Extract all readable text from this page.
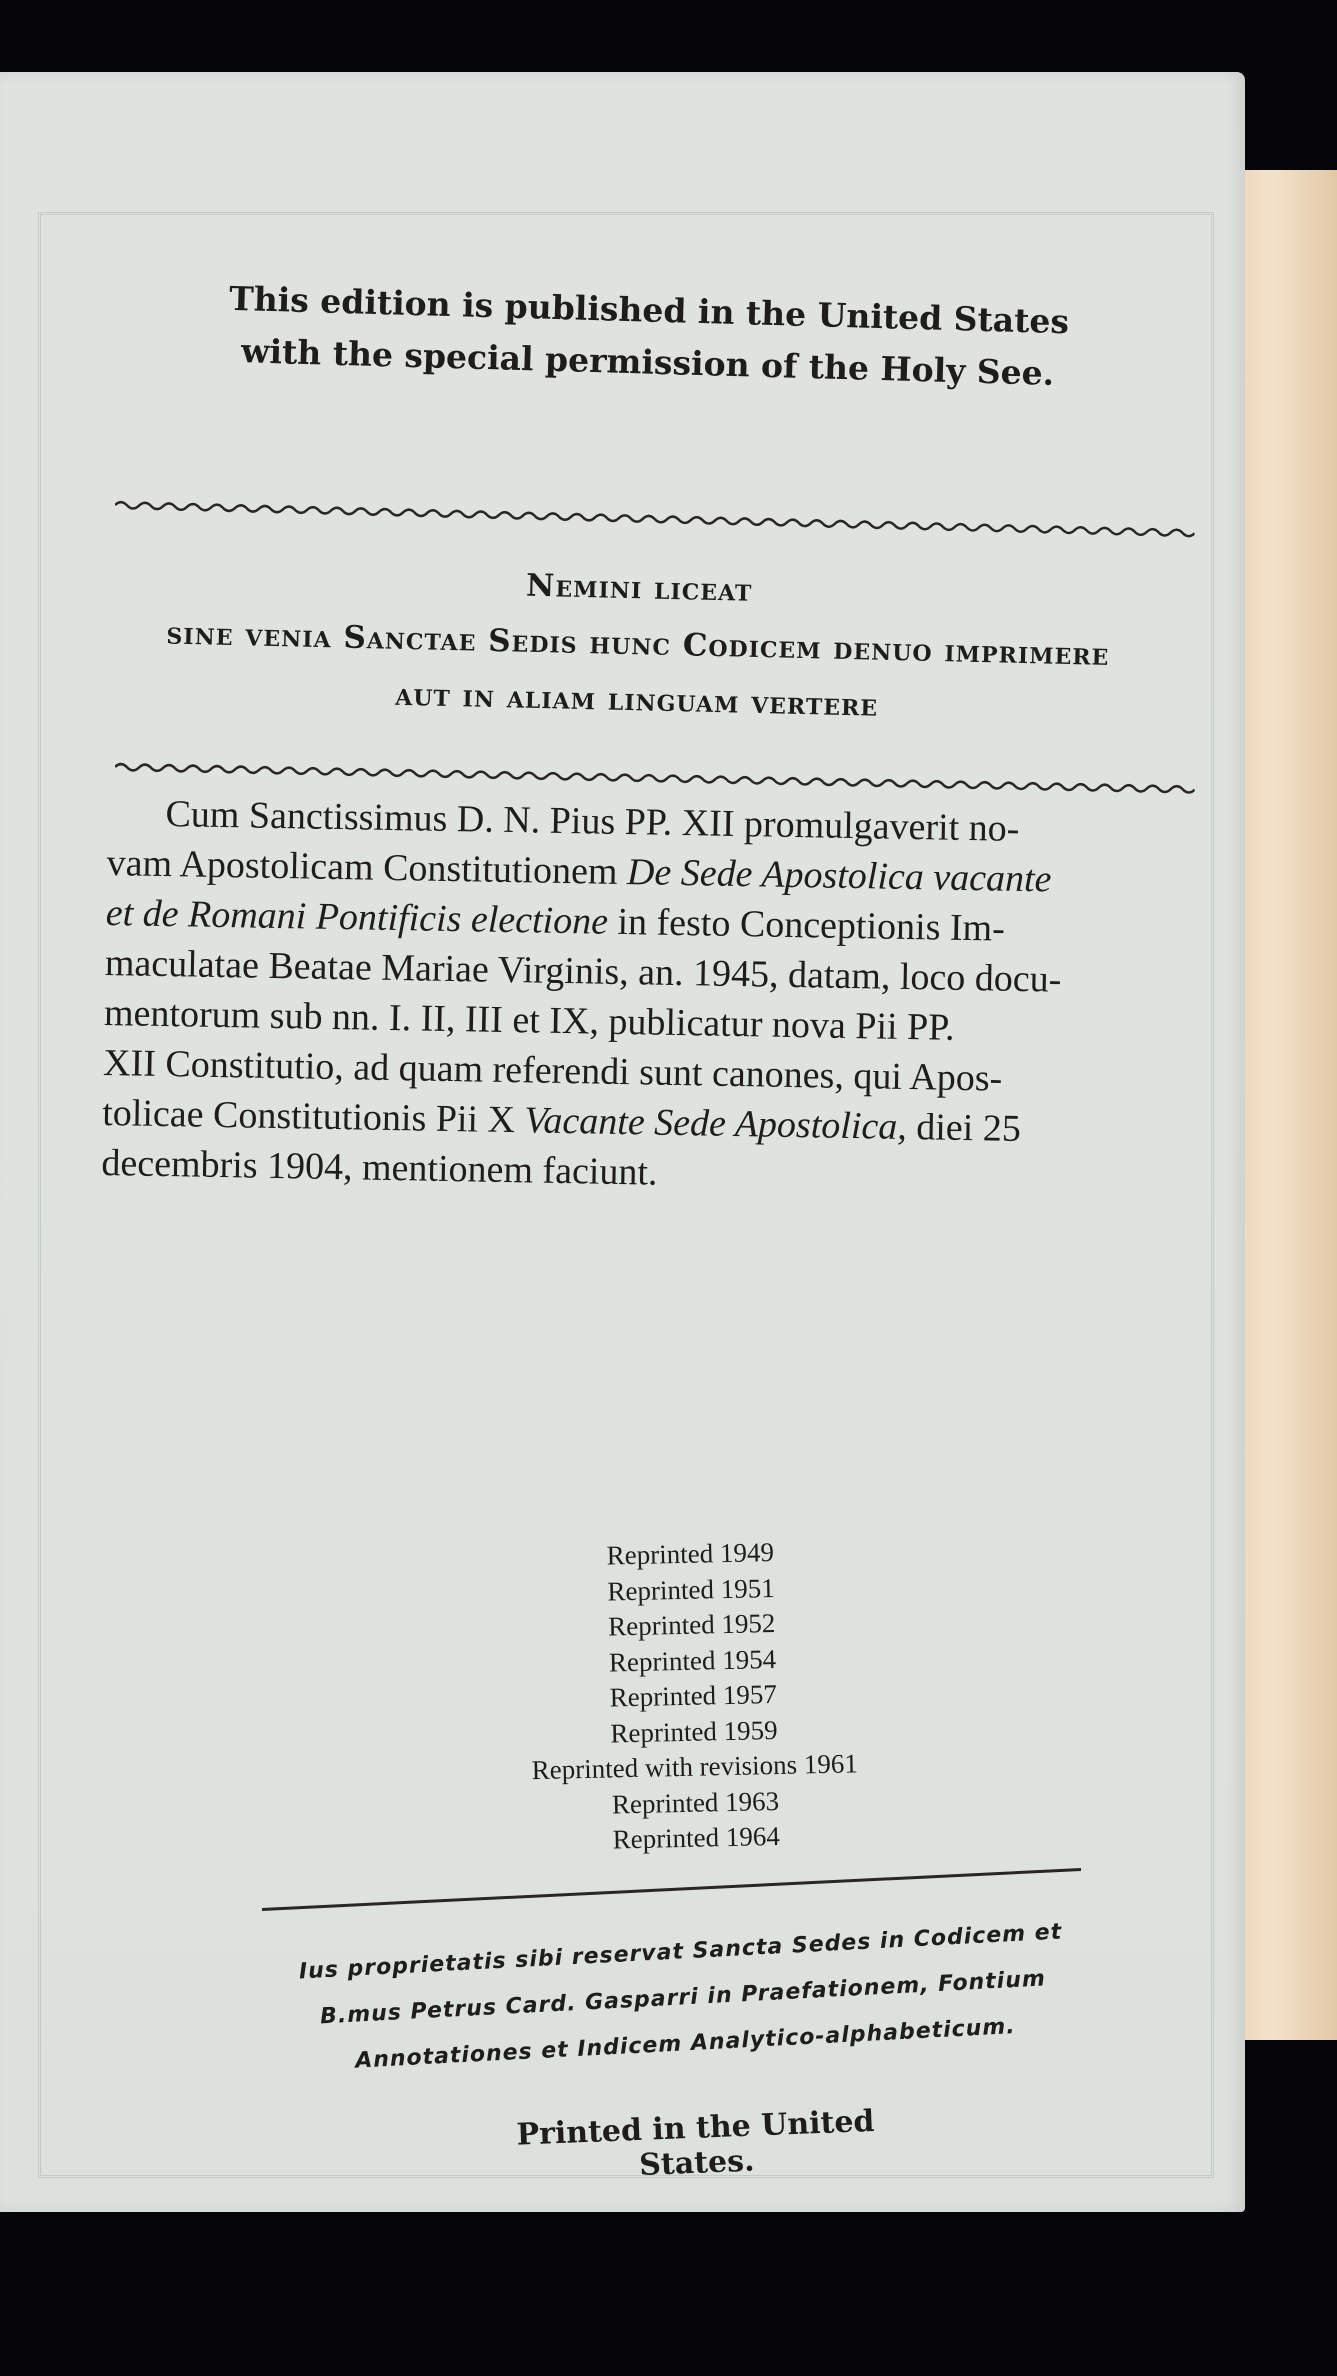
This edition is published in the United States
with the special permission of the Holy See.
Nemini liceat
sine venia Sanctae Sedis hunc Codicem denuo imprimere
aut in aliam linguam vertere
Cum Sanctissimus D. N. Pius PP. XII promulgaverit no-
vam Apostolicam Constitutionem De Sede Apostolica vacante
et de Romani Pontificis electione in festo Conceptionis Im-
maculatae Beatae Mariae Virginis, an. 1945, datam, loco docu-
mentorum sub nn. I. II, III et IX, publicatur nova Pii PP.
XII Constitutio, ad quam referendi sunt canones, qui Apos-
tolicae Constitutionis Pii X Vacante Sede Apostolica, diei 25
decembris 1904, mentionem faciunt.
Reprinted 1949
Reprinted 1951
Reprinted 1952
Reprinted 1954
Reprinted 1957
Reprinted 1959
Reprinted with revisions 1961
Reprinted 1963
Reprinted 1964
Ius proprietatis sibi reservat Sancta Sedes in Codicem et
B.mus Petrus Card. Gasparri in Praefationem, Fontium
Annotationes et Indicem Analytico-alphabeticum.
Printed in the United States.
